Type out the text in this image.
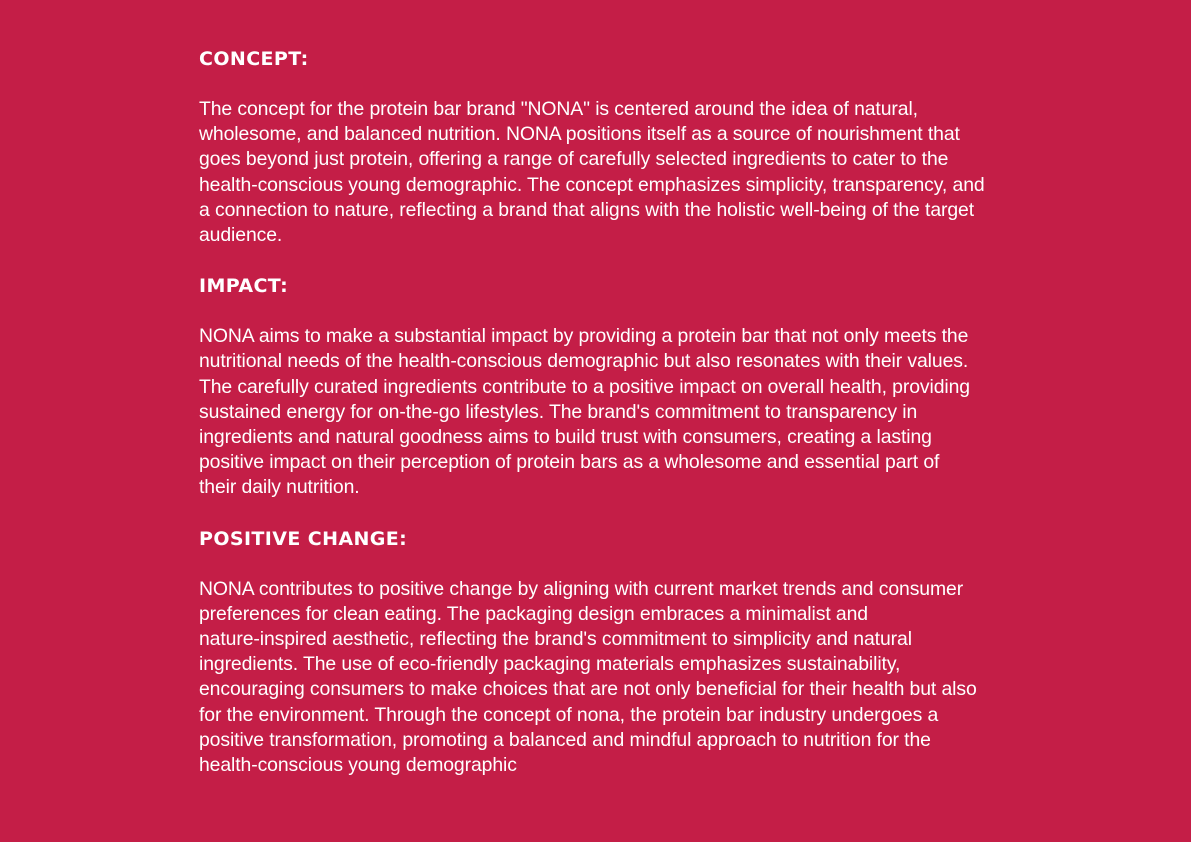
CONCEPT:

The concept for the protein bar brand "NONA" is centered around the idea of natural,
wholesome, and balanced nutrition. NONA positions itself as a source of nourishment that
goes beyond just protein, offering a range of carefully selected ingredients to cater to the
health-conscious young demographic. The concept emphasizes simplicity, transparency, and
a connection to nature, reflecting a brand that aligns with the holistic well-being of the target
audience.

IMPACT:

NONA aims to make a substantial impact by providing a protein bar that not only meets the
nutritional needs of the health-conscious demographic but also resonates with their values.
The carefully curated ingredients contribute to a positive impact on overall health, providing
sustained energy for on-the-go lifestyles. The brand's commitment to transparency in
ingredients and natural goodness aims to build trust with consumers, creating a lasting
positive impact on their perception of protein bars as a wholesome and essential part of
their daily nutrition.

POSITIVE CHANGE:

NONA contributes to positive change by aligning with current market trends and consumer
preferences for clean eating. The packaging design embraces a minimalist and
nature-inspired aesthetic, reflecting the brand's commitment to simplicity and natural
ingredients. The use of eco-friendly packaging materials emphasizes sustainability,
encouraging consumers to make choices that are not only beneficial for their health but also
for the environment. Through the concept of nona, the protein bar industry undergoes a
positive transformation, promoting a balanced and mindful approach to nutrition for the
health-conscious young demographic
